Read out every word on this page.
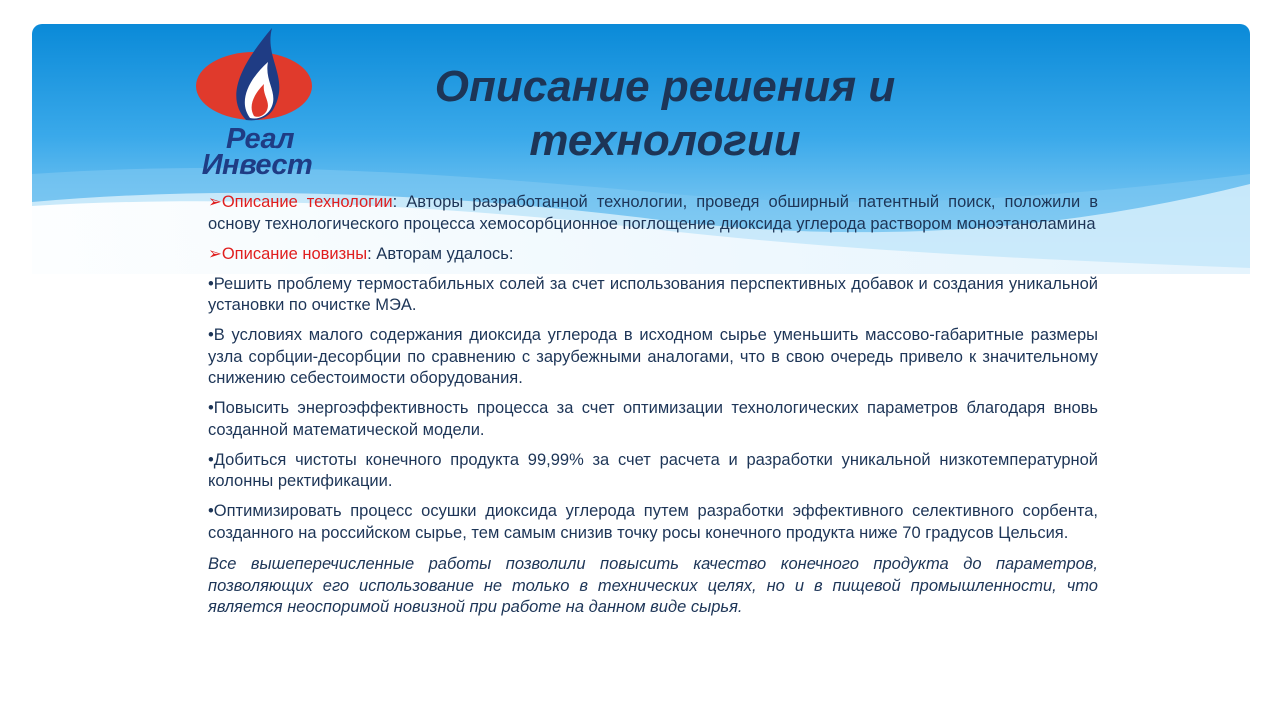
Реал
Инвест
Описание решения и технологии

➢Описание технологии: Авторы разработанной технологии, проведя обширный патентный поиск, положили в основу технологического процесса хемосорбционное поглощение диоксида углерода раствором моноэтаноламина

➢Описание новизны: Авторам удалось:

•Решить проблему термостабильных солей за счет использования перспективных добавок и создания уникальной установки по очистке МЭА.

•В условиях малого содержания диоксида углерода в исходном сырье уменьшить массово-габаритные размеры узла сорбции-десорбции по сравнению с зарубежными аналогами, что в свою очередь привело к значительному снижению себестоимости оборудования.

•Повысить энергоэффективность процесса за счет оптимизации технологических параметров благодаря вновь созданной математической модели.

•Добиться чистоты конечного продукта 99,99% за счет расчета и разработки уникальной низкотемпературной колонны ректификации.

•Оптимизировать процесс осушки диоксида углерода путем разработки эффективного селективного сорбента, созданного на российском сырье, тем самым снизив точку росы конечного продукта ниже 70 градусов Цельсия.

Все вышеперечисленные работы позволили повысить качество конечного продукта до параметров, позволяющих его использование не только в технических целях, но и в пищевой промышленности, что является неоспоримой новизной при работе на данном виде сырья.
